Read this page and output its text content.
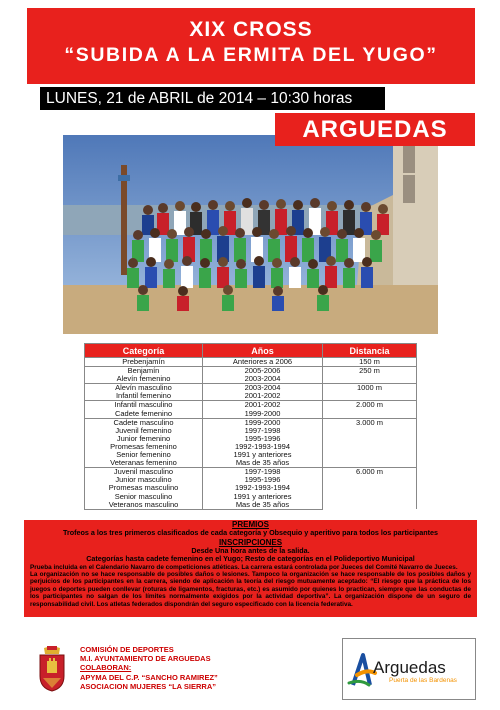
XIX CROSS
“SUBIDA A LA ERMITA DEL YUGO”
LUNES, 21 de ABRIL de 2014 – 10:30 horas
ARGUEDAS
Categoría	Años	Distancia
Prebenjamín	Anteriores a 2006	150 m
Benjamín	2005-2006	250 m
Alevín femenino	2003-2004	
Alevín masculino	2003-2004	1000 m
Infantil femenino	2001-2002	
Infantil masculino	2001-2002	2.000 m
Cadete femenino	1999-2000	
Cadete masculino	1999-2000	3.000 m
Juvenil femenino	1997-1998	
Junior femenino	1995-1996	
Promesas femenino	1992-1993-1994	
Senior femenino	1991 y anteriores	
Veteranas femenino	Mas de 35 años	
Juvenil masculino	1997-1998	6.000 m
Junior masculino	1995-1996	
Promesas masculino	1992-1993-1994	
Senior masculino	1991 y anteriores	
Veteranos masculino	Mas de 35 años	
PREMIOS
Trofeos a los tres primeros clasificados de cada categoría y Obsequio y aperitivo para todos los participantes
INSCRIPCIONES
Desde Una hora antes de la salida.
Categorías hasta cadete femenino en el Yugo; Resto de categorías en el Polideportivo Municipal
Prueba incluida en el Calendario Navarro de competiciones atléticas. La carrera estará controlada por Jueces del Comité Navarro de Jueces.
La organización no se hace responsable de posibles daños o lesiones. Tampoco la organización se hace responsable de los posibles daños y perjuicios de los participantes en la carrera, siendo de aplicación la teoría del riesgo mutuamente aceptado: “El riesgo que la práctica de los juegos o deportes pueden conllevar (roturas de ligamentos, fracturas, etc.) es asumido por quienes lo practican, siempre que las conductas de los participantes no salgan de los límites normalmente exigidos por la actividad deportiva”. La organización dispone de un seguro de responsabilidad civil. Los atletas federados dispondrán del seguro especificado con la licencia federativa.
COMISIÓN DE DEPORTES
M.I. AYUNTAMIENTO DE ARGUEDAS
COLABORAN:
APYMA DEL C.P. “SANCHO RAMIREZ”
ASOCIACION MUJERES “LA SIERRA”
Arguedas
Puerta de las Bardenas
